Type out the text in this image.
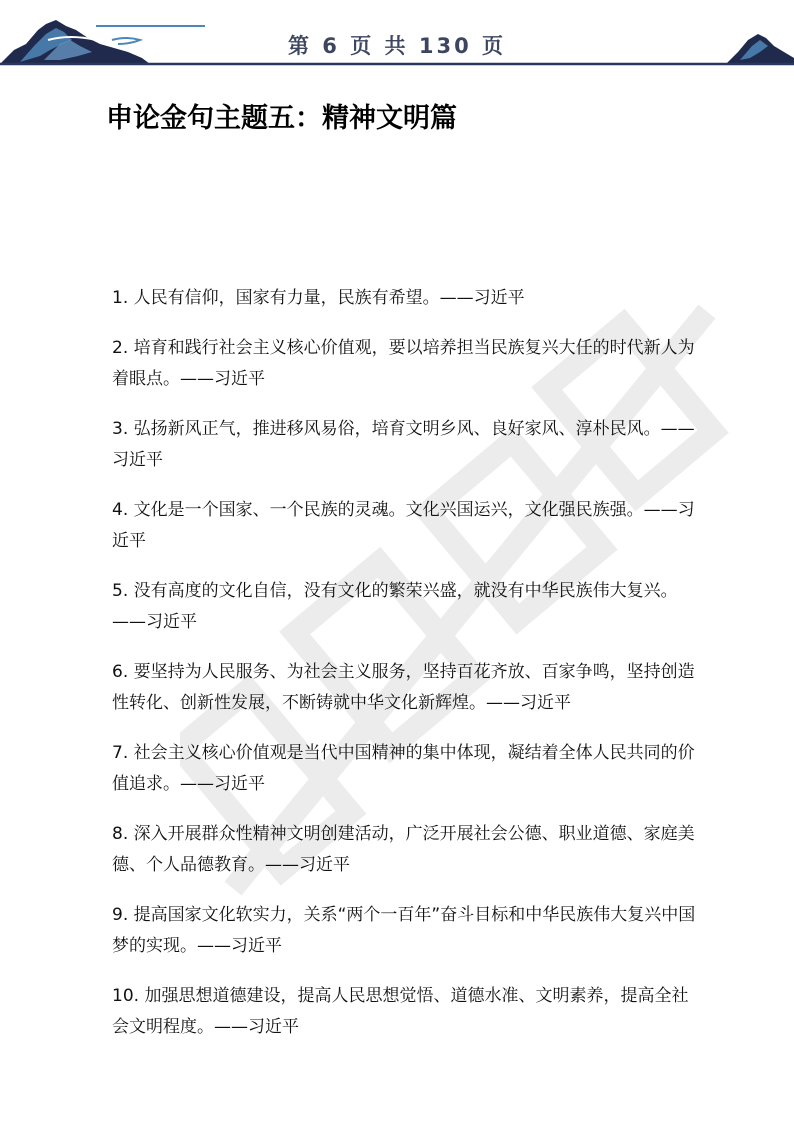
第 6 页 共 130 页
申论金句主题五：精神文明篇
1. 人民有信仰，国家有力量，民族有希望。——习近平
2. 培育和践行社会主义核心价值观，要以培养担当民族复兴大任的时代新人为着眼点。——习近平
3. 弘扬新风正气，推进移风易俗，培育文明乡风、良好家风、淳朴民风。——习近平
4. 文化是一个国家、一个民族的灵魂。文化兴国运兴，文化强民族强。——习近平
5. 没有高度的文化自信，没有文化的繁荣兴盛，就没有中华民族伟大复兴。——习近平
6. 要坚持为人民服务、为社会主义服务，坚持百花齐放、百家争鸣，坚持创造性转化、创新性发展，不断铸就中华文化新辉煌。——习近平
7. 社会主义核心价值观是当代中国精神的集中体现，凝结着全体人民共同的价值追求。——习近平
8. 深入开展群众性精神文明创建活动，广泛开展社会公德、职业道德、家庭美德、个人品德教育。——习近平
9. 提高国家文化软实力，关系“两个一百年”奋斗目标和中华民族伟大复兴中国梦的实现。——习近平
10. 加强思想道德建设，提高人民思想觉悟、道德水准、文明素养，提高全社会文明程度。——习近平
